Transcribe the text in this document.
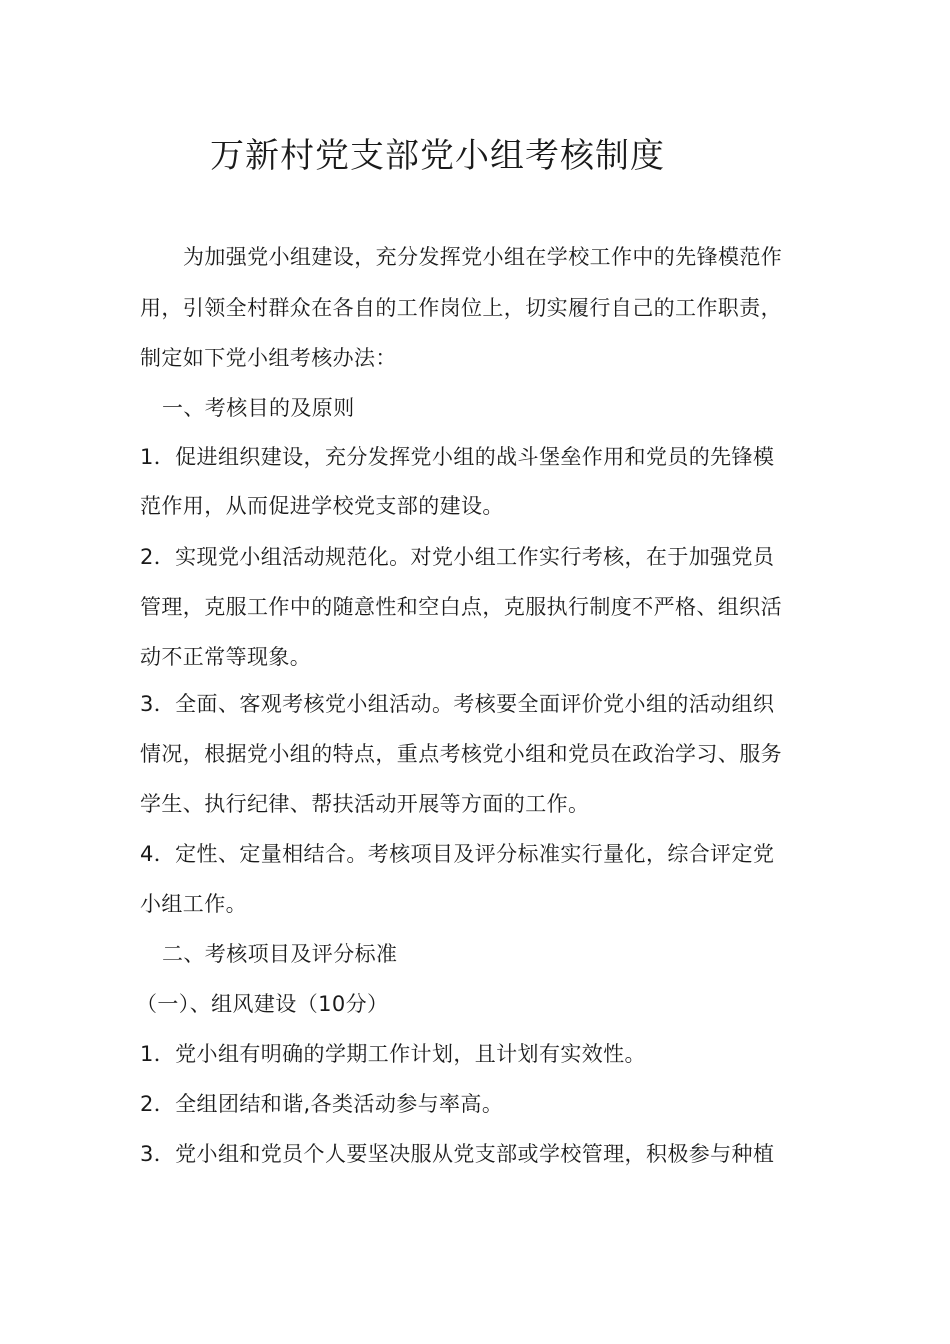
万新村党支部党小组考核制度
为加强党小组建设，充分发挥党小组在学校工作中的先锋模范作
用，引领全村群众在各自的工作岗位上，切实履行自己的工作职责，
制定如下党小组考核办法：
一、考核目的及原则
1．促进组织建设，充分发挥党小组的战斗堡垒作用和党员的先锋模
范作用，从而促进学校党支部的建设。
2．实现党小组活动规范化。对党小组工作实行考核，在于加强党员
管理，克服工作中的随意性和空白点，克服执行制度不严格、组织活
动不正常等现象。
3．全面、客观考核党小组活动。考核要全面评价党小组的活动组织
情况，根据党小组的特点，重点考核党小组和党员在政治学习、服务
学生、执行纪律、帮扶活动开展等方面的工作。
4．定性、定量相结合。考核项目及评分标准实行量化，综合评定党
小组工作。
二、考核项目及评分标准
（一）、组风建设（10分）
1．党小组有明确的学期工作计划，且计划有实效性。
2．全组团结和谐,各类活动参与率高。
3．党小组和党员个人要坚决服从党支部或学校管理，积极参与种植
